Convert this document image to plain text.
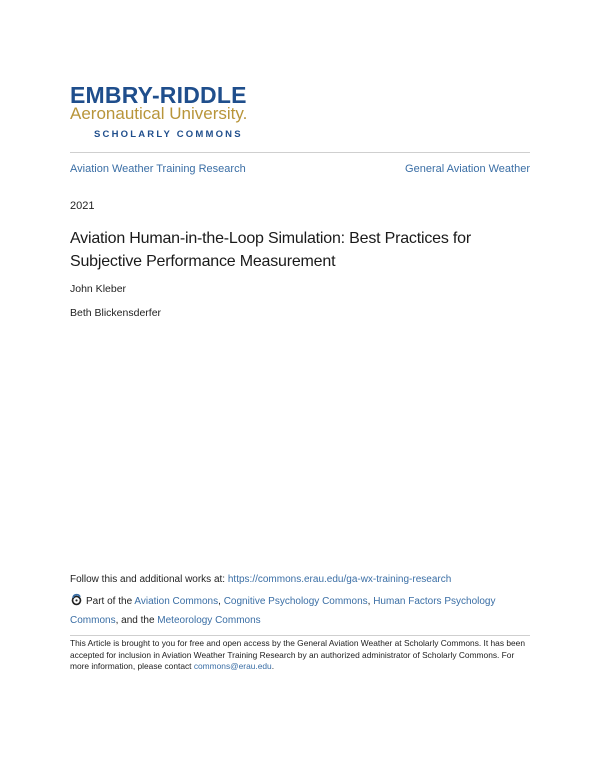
EMBRY-RIDDLE
Aeronautical University.
SCHOLARLY COMMONS
Aviation Weather Training Research	General Aviation Weather
2021
Aviation Human-in-the-Loop Simulation: Best Practices for Subjective Performance Measurement
John Kleber
Beth Blickensderfer
Follow this and additional works at: https://commons.erau.edu/ga-wx-training-research
Part of the Aviation Commons, Cognitive Psychology Commons, Human Factors Psychology Commons, and the Meteorology Commons
This Article is brought to you for free and open access by the General Aviation Weather at Scholarly Commons. It has been accepted for inclusion in Aviation Weather Training Research by an authorized administrator of Scholarly Commons. For more information, please contact commons@erau.edu.
